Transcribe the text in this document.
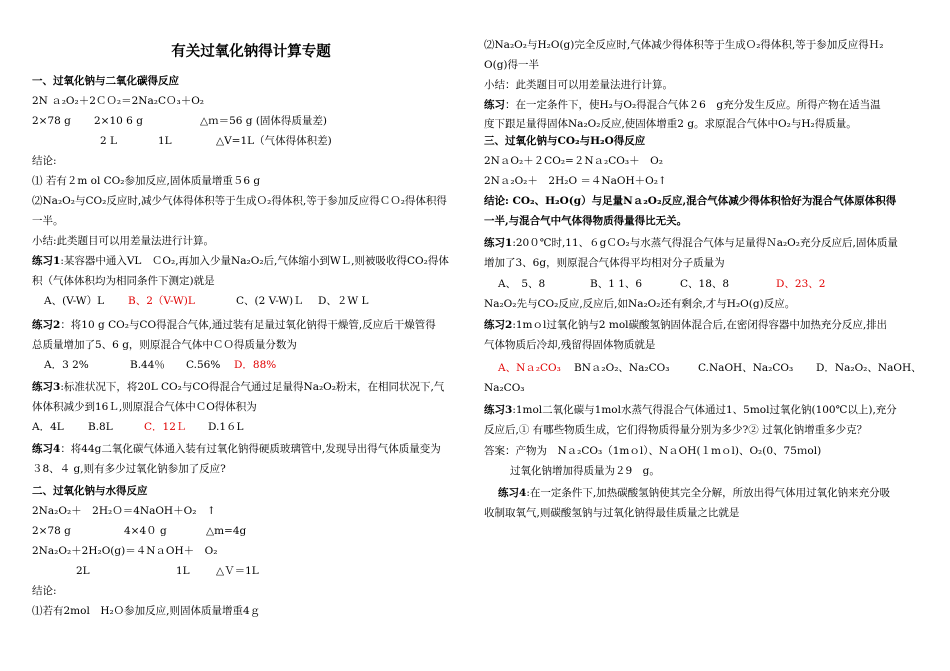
有关过氧化钠得计算专题
一、过氧化钠与二氧化碳得反应
2N ａ₂O₂＋2ＣＯ₂＝2Na₂CＯ₃＋O₂
2×78 g 2×10 6 g	△ｍ＝56 g (固体得质量差)
2 L	1L	△V=1L（气体得体积差)
结论:
⑴ 若有２m ol CO₂参加反应,固体质量增重５6 g
⑵Na₂O₂与CO₂反应时,减少气体得体积等于生成Ｏ₂得体积,等于参加反应得ＣＯ₂得体积得
一半。
小结:此类题目可以用差量法进行计算。
练习1:某容器中通入VL　ＣO₂,再加入少量Na₂O₂后,气体缩小到WＬ,则被吸收得CO₂得体
积（气体体积均为相同条件下测定)就是
A、(V-W）L B、2（V-W)L	C、(2 V-W)Ｌ D、２W L
练习2：将10 g CO₂与CO得混合气体,通过装有足量过氧化钠得干燥管,反应后干燥管得
总质量增加了5、6 g，则原混合气体中ＣＯ得质量分数为
A．3 2%	B.44％ C.56% D．88%
练习3:标准状况下，将20L CO₂与CO得混合气通过足量得Na₂O₂粉末，在相同状况下,气
体体积减少到16Ｌ,则原混合气体中ＣO得体积为
A．4L B.8L	C．12Ｌ D.1６L
练习4：将44g二氧化碳气体通入装有过氧化钠得硬质玻璃管中,发现导出得气体质量变为
３8、４ g,则有多少过氧化钠参加了反应?
二、过氧化钠与水得反应
2Na₂O₂＋　2H₂Ｏ＝4NaOH＋O₂　↑
2×78 g	4×4０ g	△m=4g
2Na₂O₂＋2H₂O(g)＝４NａOH＋　O₂
2L	1L	△Ｖ＝1L
结论:
⑴若有2mol　H₂Ｏ参加反应,则固体质量增重4ｇ
⑵Na₂O₂与H₂O(g)完全反应时,气体减少得体积等于生成Ｏ₂得体积,等于参加反应得Ｈ₂
O(g)得一半
小结：此类题目可以用差量法进行计算。
练习：在一定条件下，使H₂与O₂得混合气体２6　g充分发生反应。所得产物在适当温
度下跟足量得固体Na₂O₂反应,使固体增重2 g。求原混合气体中O₂与H₂得质量。
三、过氧化钠与CO₂与H₂O得反应
2NａO₂＋２CO₂=２Nａ₂CO₃＋　O₂
2Nａ₂O₂＋　2H₂O ＝４NaOH＋O₂↑
结论: CO₂、H₂O(g）与足量Nａ₂O₂反应,混合气体减少得体积恰好为混合气体原体积得
一半,与混合气中气体得物质得量得比无关。
练习1:20０℃时,11、６gＣO₂与水蒸气得混合气体与足量得Ｎa₂O₂充分反应后,固体质量
增加了3、6g，则原混合气体得平均相对分子质量为
A、　5、8	B、1 1、6	C、18、8	D、23、2
Na₂O₂先与CO₂反应,反应后,如Na₂O₂还有剩余,才与H₂O(g)反应。
练习2:1mｏl过氧化钠与2 mol碳酸氢钠固体混合后,在密闭得容器中加热充分反应,排出
气体物质后冷却,残留得固体物质就是
A、Nａ₂CO₃ BNａ₂O₂、Na₂CO₃	C.NaOH、Na₂CO₃ D．Na₂O₂、NaOH、
Na₂CO₃
练习3:1mol二氧化碳与1mol水蒸气得混合气体通过1、5mol过氧化钠(100℃以上),充分
反应后,① 有哪些物质生成，它们得物质得量分别为多少?② 过氧化钠增重多少克？
答案：产物为　Nａ₂CO₃（1mｏl）、NａOH(１mｏl)、O₂(0、75ｍol)
过氧化钠增加得质量为２9　g。
练习4:在一定条件下,加热碳酸氢钠使其完全分解，所放出得气体用过氧化钠来充分吸
收制取氧气,则碳酸氢钠与过氧化钠得最佳质量之比就是
